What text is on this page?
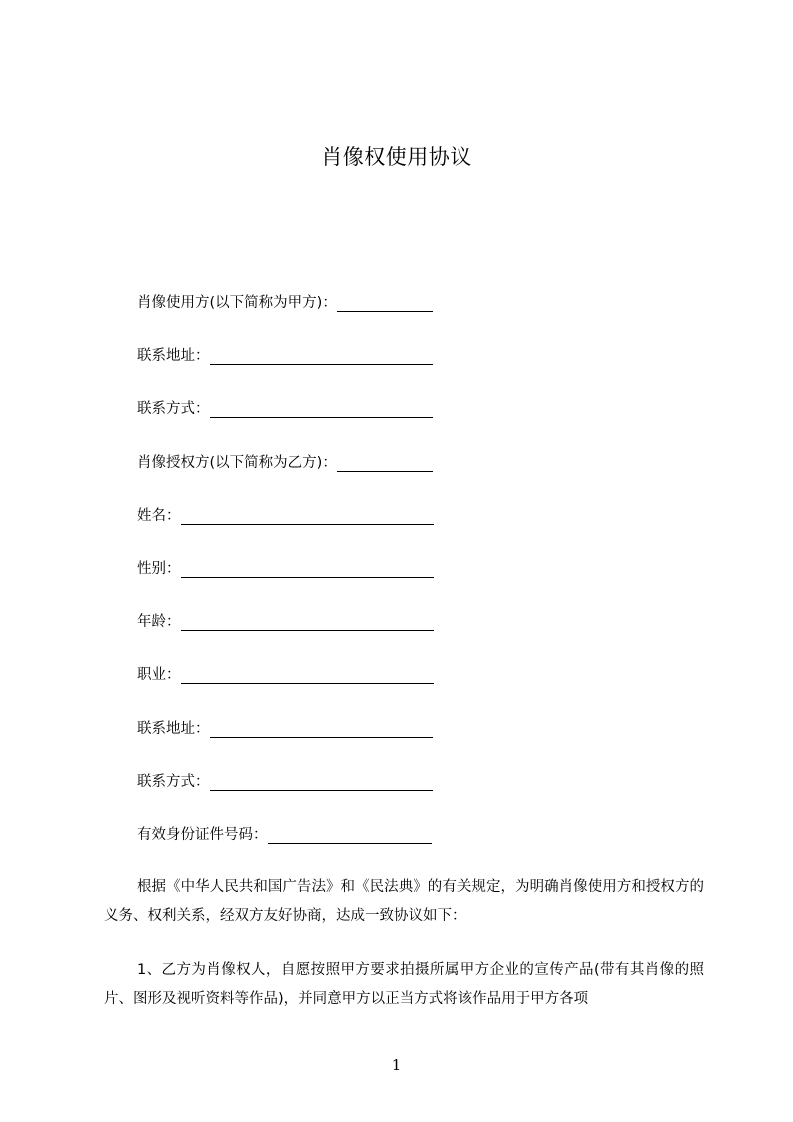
肖像权使用协议
肖像使用方(以下简称为甲方)：
联系地址：
联系方式：
肖像授权方(以下简称为乙方)：
姓名：
性别：
年龄：
职业：
联系地址：
联系方式：
有效身份证件号码：

根据《中华人民共和国广告法》和《民法典》的有关规定，为明确肖像使用方和授权方的义务、权利关系，经双方友好协商，达成一致协议如下：

1、乙方为肖像权人，自愿按照甲方要求拍摄所属甲方企业的宣传产品(带有其肖像的照片、图形及视听资料等作品)，并同意甲方以正当方式将该作品用于甲方各项

1
